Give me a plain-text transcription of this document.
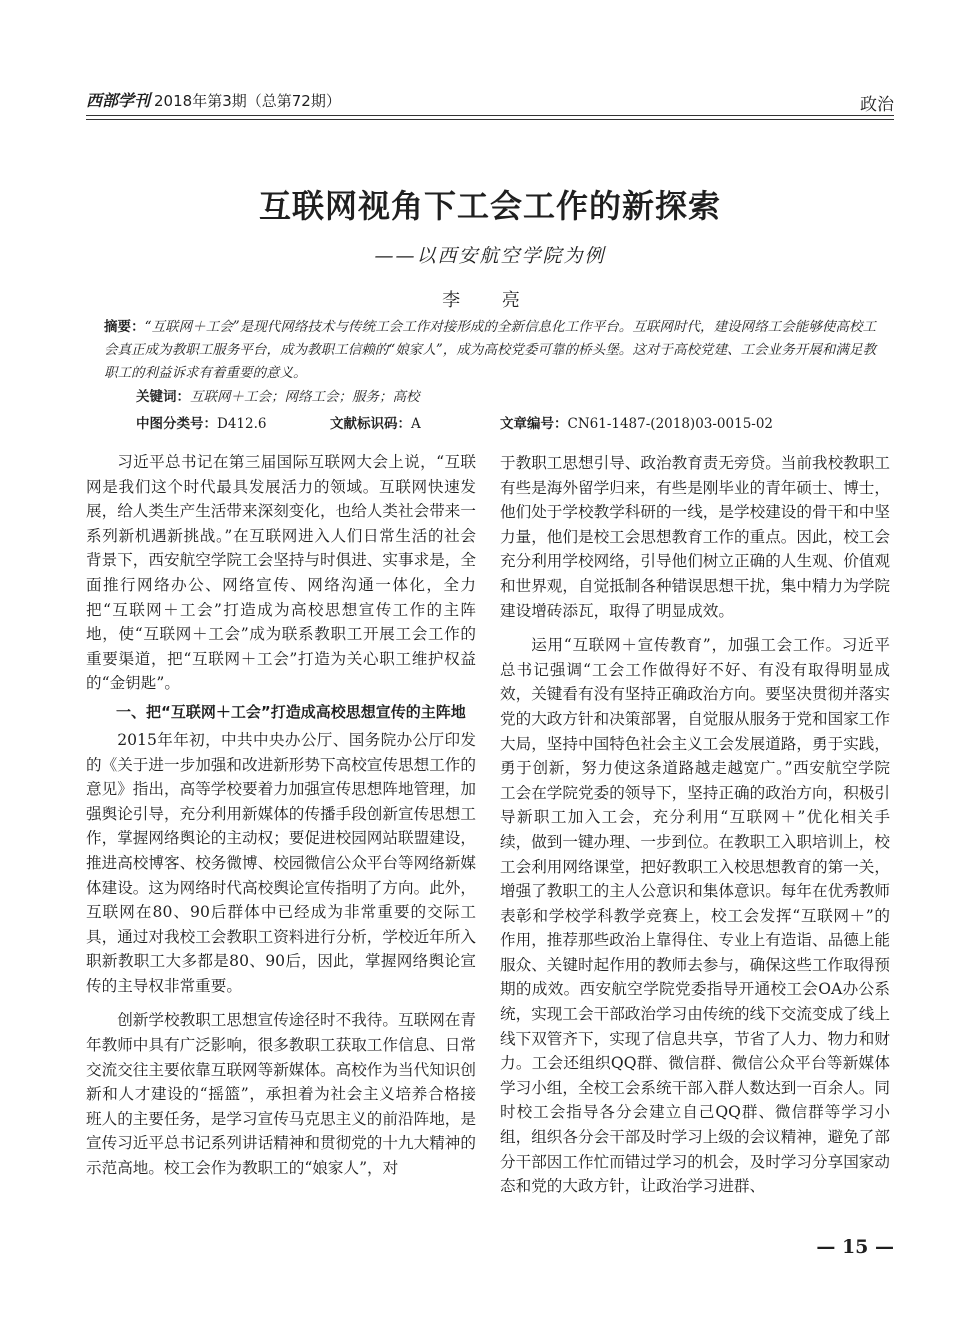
西部学刊 2018年第3期（总第72期）	政治
互联网视角下工会工作的新探索
——以西安航空学院为例
李 亮
摘要：“互联网＋工会”是现代网络技术与传统工会工作对接形成的全新信息化工作平台。互联网时代，建设网络工会能够使高校工会真正成为教职工服务平台，成为教职工信赖的“娘家人”，成为高校党委可靠的桥头堡。这对于高校党建、工会业务开展和满足教职工的利益诉求有着重要的意义。
关键词：互联网＋工会；网络工会；服务；高校
中图分类号：D412.6	文献标识码：A	文章编号：CN61-1487-(2018)03-0015-02

习近平总书记在第三届国际互联网大会上说，“互联网是我们这个时代最具发展活力的领域。互联网快速发展，给人类生产生活带来深刻变化，也给人类社会带来一系列新机遇新挑战。”在互联网进入人们日常生活的社会背景下，西安航空学院工会坚持与时俱进、实事求是，全面推行网络办公、网络宣传、网络沟通一体化，全力把“互联网＋工会”打造成为高校思想宣传工作的主阵地，使“互联网＋工会”成为联系教职工开展工会工作的重要渠道，把“互联网＋工会”打造为关心职工维护权益的“金钥匙”。

一、把“互联网＋工会”打造成高校思想宣传的主阵地

2015年年初，中共中央办公厅、国务院办公厅印发的《关于进一步加强和改进新形势下高校宣传思想工作的意见》指出，高等学校要着力加强宣传思想阵地管理，加强舆论引导，充分利用新媒体的传播手段创新宣传思想工作，掌握网络舆论的主动权；要促进校园网站联盟建设，推进高校博客、校务微博、校园微信公众平台等网络新媒体建设。这为网络时代高校舆论宣传指明了方向。此外，互联网在80、90后群体中已经成为非常重要的交际工具，通过对我校工会教职工资料进行分析，学校近年所入职新教职工大多都是80、90后，因此，掌握网络舆论宣传的主导权非常重要。

创新学校教职工思想宣传途径时不我待。互联网在青年教师中具有广泛影响，很多教职工获取工作信息、日常交流交往主要依靠互联网等新媒体。高校作为当代知识创新和人才建设的“摇篮”，承担着为社会主义培养合格接班人的主要任务，是学习宣传马克思主义的前沿阵地，是宣传习近平总书记系列讲话精神和贯彻党的十九大精神的示范高地。校工会作为教职工的“娘家人”，对

于教职工思想引导、政治教育责无旁贷。当前我校教职工有些是海外留学归来，有些是刚毕业的青年硕士、博士，他们处于学校教学科研的一线，是学校建设的骨干和中坚力量，他们是校工会思想教育工作的重点。因此，校工会充分利用学校网络，引导他们树立正确的人生观、价值观和世界观，自觉抵制各种错误思想干扰，集中精力为学院建设增砖添瓦，取得了明显成效。

运用“互联网＋宣传教育”，加强工会工作。习近平总书记强调“工会工作做得好不好、有没有取得明显成效，关键看有没有坚持正确政治方向。要坚决贯彻并落实党的大政方针和决策部署，自觉服从服务于党和国家工作大局，坚持中国特色社会主义工会发展道路，勇于实践，勇于创新，努力使这条道路越走越宽广。”西安航空学院工会在学院党委的领导下，坚持正确的政治方向，积极引导新职工加入工会，充分利用“互联网＋”优化相关手续，做到一键办理、一步到位。在教职工入职培训上，校工会利用网络课堂，把好教职工入校思想教育的第一关，增强了教职工的主人公意识和集体意识。每年在优秀教师表彰和学校学科教学竞赛上，校工会发挥“互联网＋”的作用，推荐那些政治上靠得住、专业上有造诣、品德上能服众、关键时起作用的教师去参与，确保这些工作取得预期的成效。西安航空学院党委指导开通校工会OA办公系统，实现工会干部政治学习由传统的线下交流变成了线上线下双管齐下，实现了信息共享，节省了人力、物力和财力。工会还组织QQ群、微信群、微信公众平台等新媒体学习小组，全校工会系统干部入群人数达到一百余人。同时校工会指导各分会建立自己QQ群、微信群等学习小组，组织各分会干部及时学习上级的会议精神，避免了部分干部因工作忙而错过学习的机会，及时学习分享国家动态和党的大政方针，让政治学习进群、

— 15 —
